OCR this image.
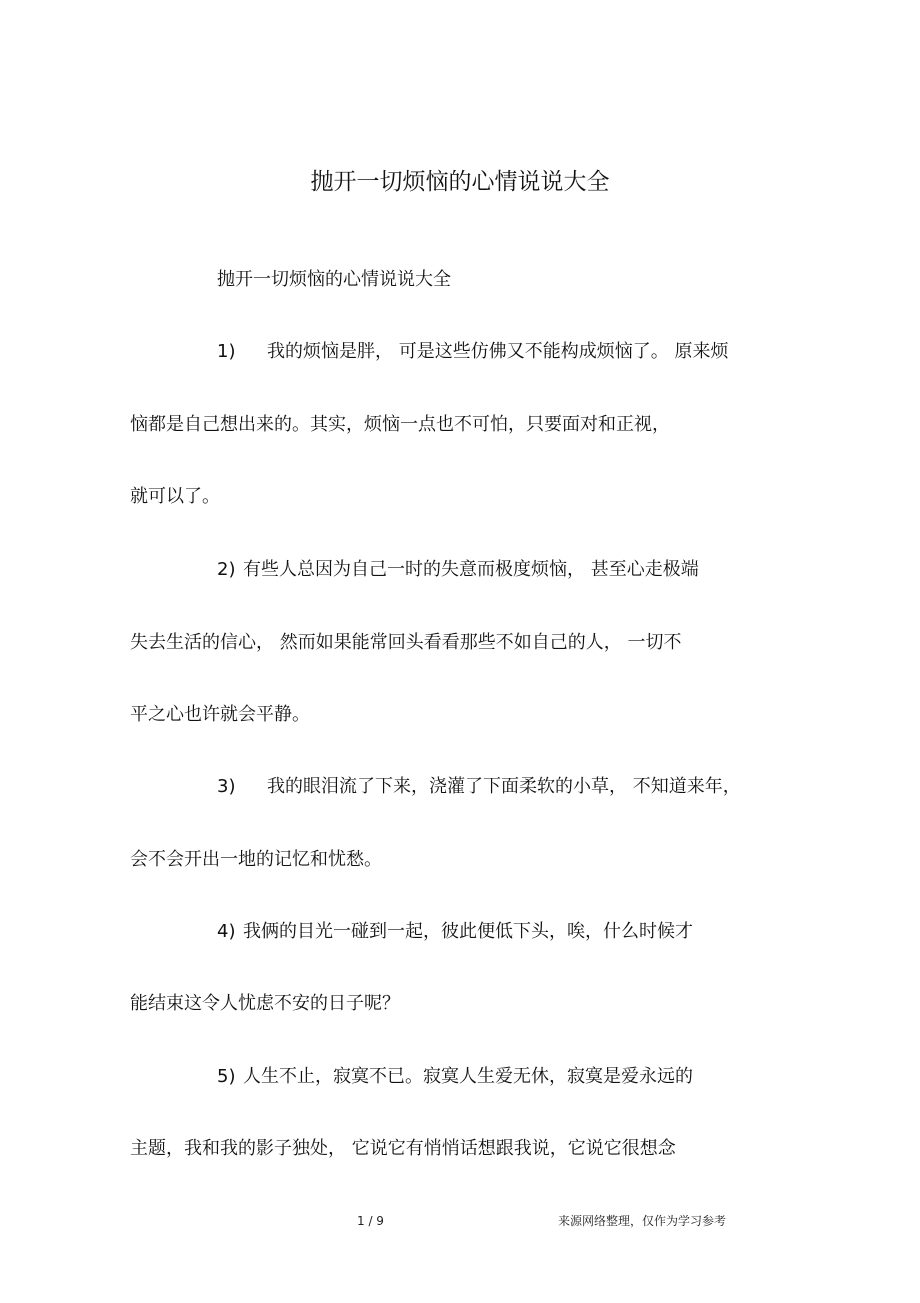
抛开一切烦恼的心情说说大全
抛开一切烦恼的心情说说大全
1) 我的烦恼是胖， 可是这些仿佛又不能构成烦恼了。 原来烦
恼都是自己想出来的。其实，烦恼一点也不可怕，只要面对和正视，
就可以了。
2) 有些人总因为自己一时的失意而极度烦恼， 甚至心走极端
失去生活的信心， 然而如果能常回头看看那些不如自己的人， 一切不
平之心也许就会平静。
3) 我的眼泪流了下来，浇灌了下面柔软的小草， 不知道来年，
会不会开出一地的记忆和忧愁。
4) 我俩的目光一碰到一起，彼此便低下头，唉，什么时候才
能结束这令人忧虑不安的日子呢？
5) 人生不止，寂寞不已。寂寞人生爱无休，寂寞是爱永远的
主题，我和我的影子独处， 它说它有悄悄话想跟我说，它说它很想念
1 / 9	来源网络整理，仅作为学习参考
